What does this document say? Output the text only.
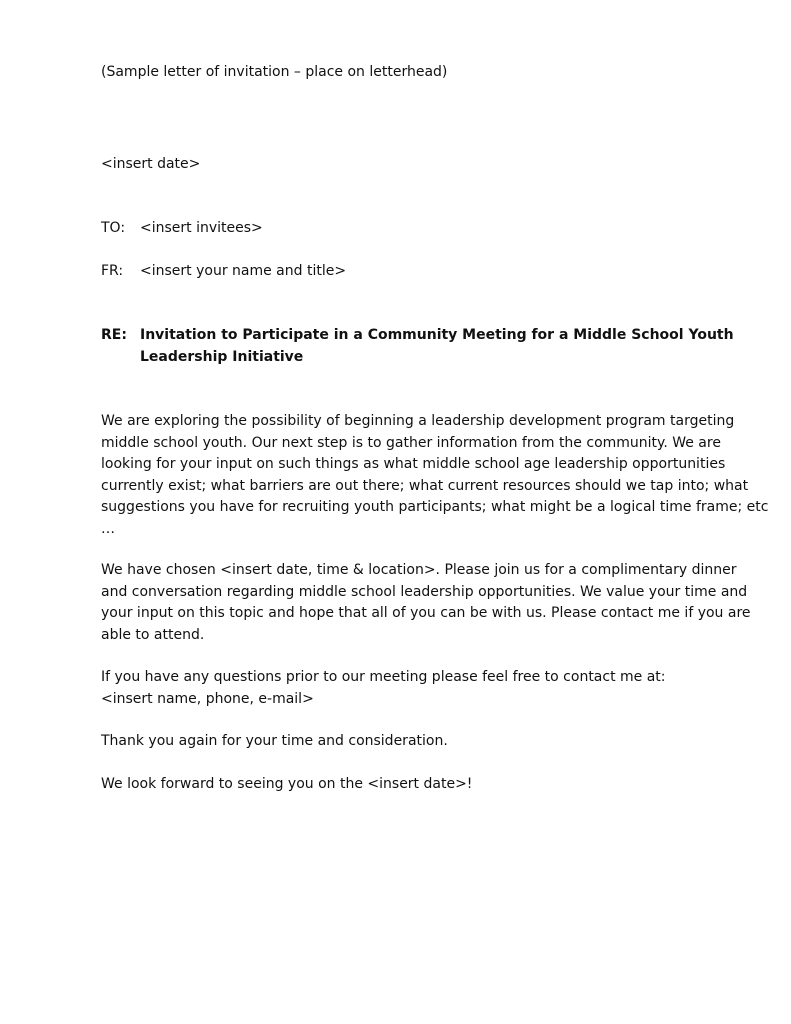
(Sample letter of invitation – place on letterhead)
<insert date>
TO: <insert invitees>
FR: <insert your name and title>
RE: Invitation to Participate in a Community Meeting for a Middle School Youth
Leadership Initiative
We are exploring the possibility of beginning a leadership development program targeting
middle school youth. Our next step is to gather information from the community. We are
looking for your input on such things as what middle school age leadership opportunities
currently exist; what barriers are out there; what current resources should we tap into; what
suggestions you have for recruiting youth participants; what might be a logical time frame; etc
…
We have chosen <insert date, time & location>. Please join us for a complimentary dinner
and conversation regarding middle school leadership opportunities. We value your time and
your input on this topic and hope that all of you can be with us. Please contact me if you are
able to attend.
If you have any questions prior to our meeting please feel free to contact me at:
<insert name, phone, e-mail>
Thank you again for your time and consideration.
We look forward to seeing you on the <insert date>!
